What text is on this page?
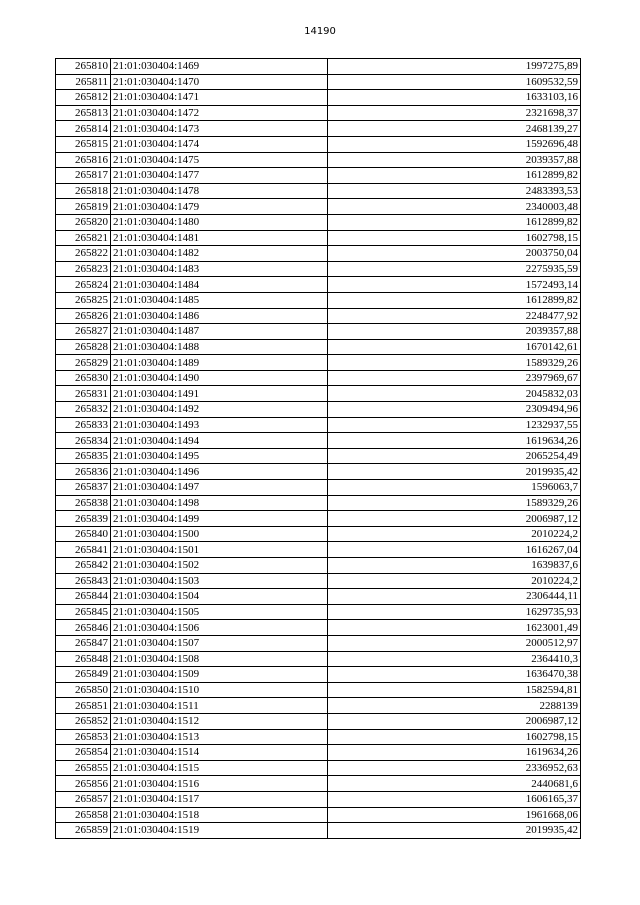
14190
265810	21:01:030404:1469	1997275,89
265811	21:01:030404:1470	1609532,59
265812	21:01:030404:1471	1633103,16
265813	21:01:030404:1472	2321698,37
265814	21:01:030404:1473	2468139,27
265815	21:01:030404:1474	1592696,48
265816	21:01:030404:1475	2039357,88
265817	21:01:030404:1477	1612899,82
265818	21:01:030404:1478	2483393,53
265819	21:01:030404:1479	2340003,48
265820	21:01:030404:1480	1612899,82
265821	21:01:030404:1481	1602798,15
265822	21:01:030404:1482	2003750,04
265823	21:01:030404:1483	2275935,59
265824	21:01:030404:1484	1572493,14
265825	21:01:030404:1485	1612899,82
265826	21:01:030404:1486	2248477,92
265827	21:01:030404:1487	2039357,88
265828	21:01:030404:1488	1670142,61
265829	21:01:030404:1489	1589329,26
265830	21:01:030404:1490	2397969,67
265831	21:01:030404:1491	2045832,03
265832	21:01:030404:1492	2309494,96
265833	21:01:030404:1493	1232937,55
265834	21:01:030404:1494	1619634,26
265835	21:01:030404:1495	2065254,49
265836	21:01:030404:1496	2019935,42
265837	21:01:030404:1497	1596063,7
265838	21:01:030404:1498	1589329,26
265839	21:01:030404:1499	2006987,12
265840	21:01:030404:1500	2010224,2
265841	21:01:030404:1501	1616267,04
265842	21:01:030404:1502	1639837,6
265843	21:01:030404:1503	2010224,2
265844	21:01:030404:1504	2306444,11
265845	21:01:030404:1505	1629735,93
265846	21:01:030404:1506	1623001,49
265847	21:01:030404:1507	2000512,97
265848	21:01:030404:1508	2364410,3
265849	21:01:030404:1509	1636470,38
265850	21:01:030404:1510	1582594,81
265851	21:01:030404:1511	2288139
265852	21:01:030404:1512	2006987,12
265853	21:01:030404:1513	1602798,15
265854	21:01:030404:1514	1619634,26
265855	21:01:030404:1515	2336952,63
265856	21:01:030404:1516	2440681,6
265857	21:01:030404:1517	1606165,37
265858	21:01:030404:1518	1961668,06
265859	21:01:030404:1519	2019935,42
